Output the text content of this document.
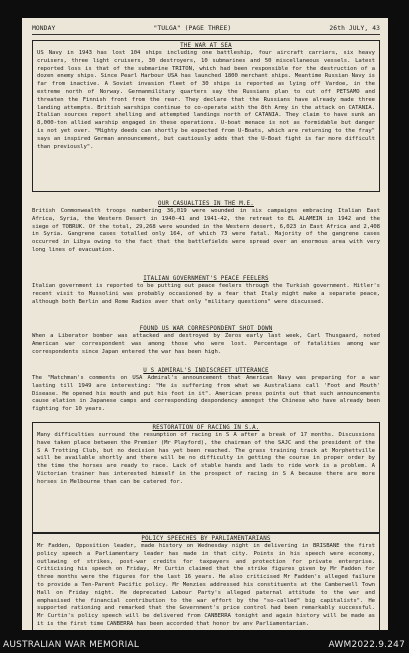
MONDAY	"TULGA" (PAGE THREE)	26th JULY, 43

THE WAR AT SEA

US Navy in 1943 has lost 104 ships including one battleship, four aircraft carriers, six heavy cruisers, three light cruisers, 30 destroyers, 10 submarines and 50 miscellaneous vessels. Latest reported loss is that of the submarine TRITON, which had been responsible for the destruction of a dozen enemy ships. Since Pearl Harbour USA has launched 1800 merchant ships. Meantime Russian Navy is far from inactive. A Soviet invasion fleet of 30 ships is reported as lying off Vardoe, in the extreme north of Norway. Germanmilitary quarters say the Russians plan to cut off PETSAMO and threaten the Finnish front from the rear. They declare that the Russians have already made three landing attempts. British warships continue to co-operate with the 8th Army in the attack on CATANIA. Italian sources report shelling and attempted landings north of CATANIA. They claim to have sunk an 8,000-ton allied warship engaged in these operations. U-boat menace is not as formidable but danger is not yet over. "Mighty deeds can shortly be expected from U-Boats, which are returning to the fray" says an inspired German announcement, but cautiously adds that the U-Boat fight is far more difficult than previously".

OUR CASUALTIES IN THE M.E.

British Commonwealth troops numbering 36,019 were wounded in six campaigns embracing Italian East Africa, Syria, the Western Desert in 1940-41 and 1941-42, the retreat to EL ALAMEIN in 1942 and the siege of TOBRUK. Of the total, 29,268 were wounded in the Western desert, 6,023 in East Africa and 2,408 in Syria. Gangrene cases totalled only 164, of which 73 were fatal. Majority of the gangrene cases occurred in Libya owing to the fact that the battlefields were spread over an enormous area with very long lines of evacuation.

ITALIAN GOVERNMENT'S PEACE FEELERS

Italian government is reported to be putting out peace feelers through the Turkish government. Hitler's recent visit to Mussolini was probably occasioned by a fear that Italy might make a separate peace, although both Berlin and Rome Radios aver that only "military questions" were discussed.

FOUND US WAR CORRESPONDENT SHOT DOWN

When a Liberator bomber was attacked and destroyed by Zeros early last week, Carl Thusgaard, noted American war correspondent was among those who were lost. Percentage of fatalities among war correspondents since Japan entered the war has been high.

U S ADMIRAL'S INDISCREET UTTERANCE

The "Matchman's comments on USA Admiral's announcement that American Navy was preparing for a war lasting till 1949 are interesting: "He is suffering from what we Australians call 'Foot and Mouth' Disease. He opened his mouth and put his foot in it". American press points out that such announcements cause elation in Japanese camps and corresponding despondency amongst the Chinese who have already been fighting for 10 years.

RESTORATION OF RACING IN S.A.

Many difficulties surround the resumption of racing in S A after a break of 17 months. Discussions have taken place between the Premier (Mr Playford), the chairman of the SAJC and the president of the S A Trotting Club, but no decision has yet been reached. The grass training track at Morphettville will be available shortly and there will be no difficulty in getting the course in proper order by the time the horses are ready to race. Lack of stable hands and lads to ride work is a problem. A Victorian trainer has interested himself in the prospect of racing in S A because there are more horses in Melbourne than can be catered for.

POLICY SPEECHES BY PARLIAMENTARIANS

Mr Fadden, Opposition leader, made history on Wednesday night in delivering in BRISBANE the first policy speech a Parliamentary leader has made in that city. Points in his speech were economy, outlawing of strikes, post-war credits for taxpayers and protection for private enterprise. Criticising his speech on Friday, Mr Curtin claimed that the strike figures given by Mr Fadden for three months were the figures for the last 16 years. He also criticised Mr Fadden's alleged failure to provide a Ten-Parent Pacific policy. Mr Menzies addressed his constituents at the Camberwell Town Hall on Friday night. He deprecated Labour Party's alleged paternal attitude to the war and emphasised the financial contribution to the war effort by the "so-called" big capitalists". He supported rationing and remarked that the Government's price control had been remarkably successful. Mr Curtin's policy speech will be delivered from CANBERRA tonight and again history will be made as it is the first time CANBERRA has been accorded that honor by any Parliamentarian.

AUSTRALIAN WAR MEMORIAL	AWM2022.9.247
